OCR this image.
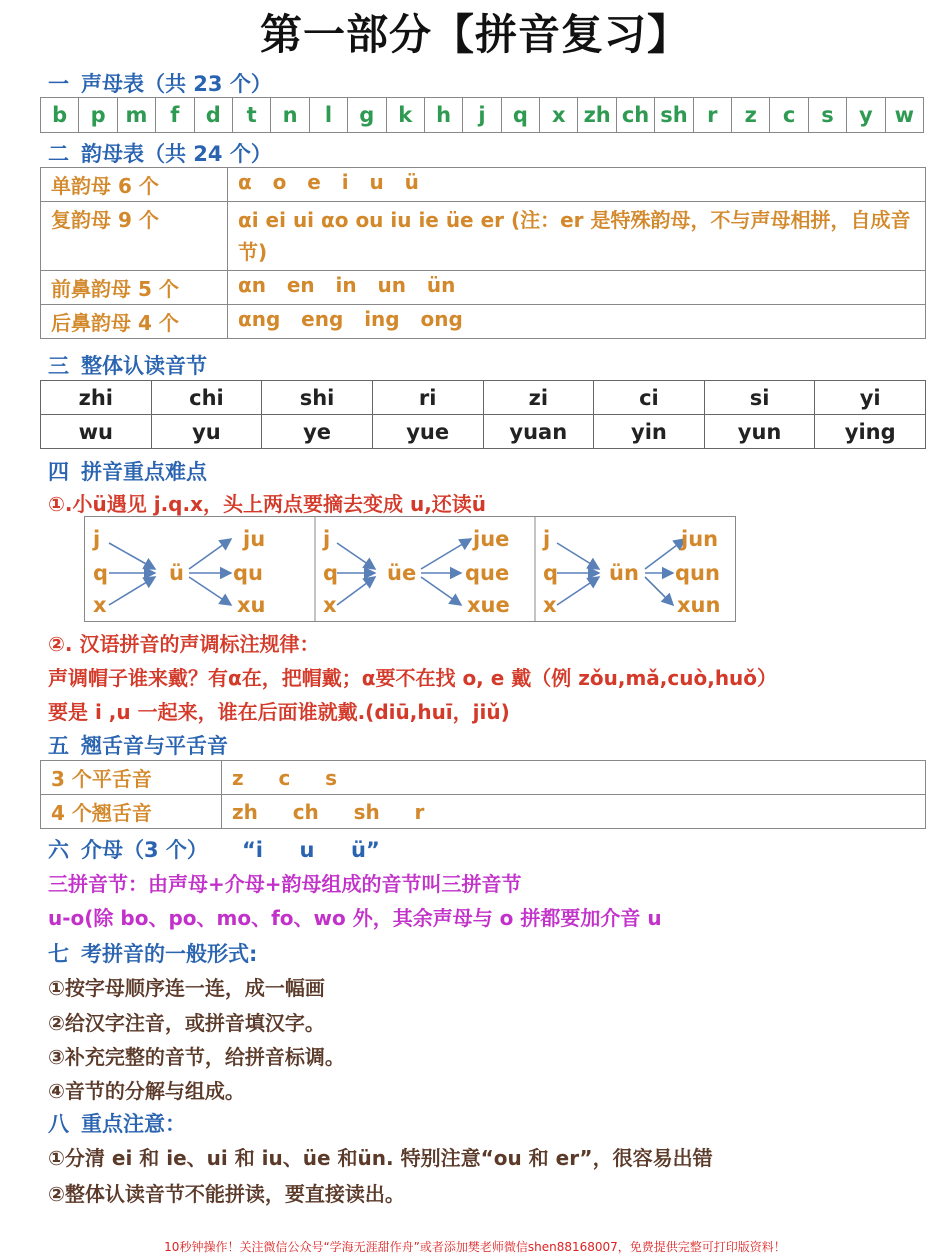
第一部分【拼音复习】
一 声母表（共 23 个）
b	p m	f	d	t	n	l	g	k	h	j	q	x zh ch sh r	z	c	s	y	w
二 韵母表（共 24 个）
单韵母 6 个	α   o   e   i   u   ü
复韵母 9 个	αi ei ui αo ou iu ie üe er (注：er 是特殊韵母，不与声母相拼，自成音节)
前鼻韵母 5 个	αn   en   in   un   ün
后鼻韵母 4 个	αng   eng   ing   ong
三 整体认读音节
zhi	chi	shi	ri	zi	ci	si	yi
wu	yu	ye	yue	yuan	yin	yun	ying
四 拼音重点难点
①.小ü遇见 j.q.x，头上两点要摘去变成 u,还读ü
j
q
x
ü
ju
qu
xu
j
q
x
üe
jue
que
xue
j
q
x
ün
jun
qun
xun
②. 汉语拼音的声调标注规律：
声调帽子谁来戴？有α在，把帽戴；α要不在找 o, e 戴（例 zǒu,mǎ,cuò,huǒ）
要是 i ,u 一起来，谁在后面谁就戴.(diū,huī，jiǔ)
五 翘舌音与平舌音
3 个平舌音	z     c     s
4 个翘舌音	zh     ch     sh     r
六 介母（3 个） “i     u     ü”
三拼音节：由声母+介母+韵母组成的音节叫三拼音节
u-o(除 bo、po、mo、fo、wo 外，其余声母与 o 拼都要加介音 u
七 考拼音的一般形式:
①按字母顺序连一连，成一幅画
②给汉字注音，或拼音填汉字。
③补充完整的音节，给拼音标调。
④音节的分解与组成。
八 重点注意：
①分清 ei 和 ie、ui 和 iu、üe 和ün. 特别注意“ou 和 er”，很容易出错
②整体认读音节不能拼读，要直接读出。
10秒钟操作！关注微信公众号“学海无涯甜作舟”或者添加樊老师微信shen88168007，免费提供完整可打印版资料！
